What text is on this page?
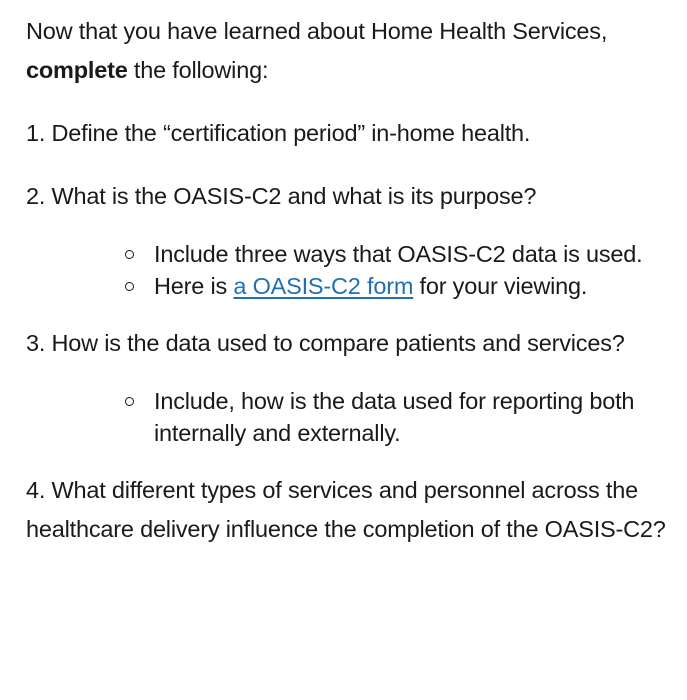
Now that you have learned about Home Health Services, complete the following:

1. Define the “certification period” in-home health.

2. What is the OASIS-C2 and what is its purpose?

Include three ways that OASIS-C2 data is used.
Here is a OASIS-C2 form for your viewing.

3. How is the data used to compare patients and services?

Include, how is the data used for reporting both internally and externally.

4. What different types of services and personnel across the healthcare delivery influence the completion of the OASIS-C2?
